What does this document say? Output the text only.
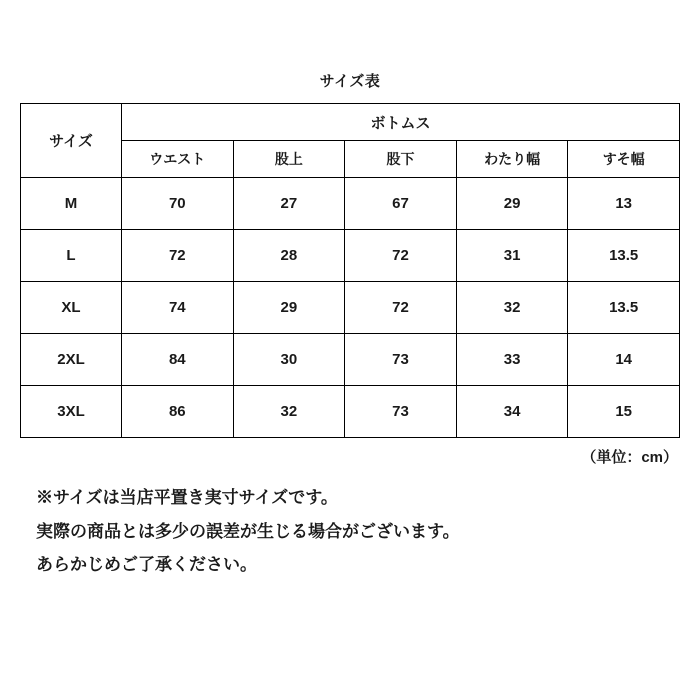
サイズ表
サイズ	ボトムス				
	ウエスト	股上	股下	わたり幅	すそ幅
M	70	27	67	29	13
L	72	28	72	31	13.5
XL	74	29	72	32	13.5
2XL	84	30	73	33	14
3XL	86	32	73	34	15
（単位：cm）

※サイズは当店平置き実寸サイズです。

実際の商品とは多少の誤差が生じる場合がございます。

あらかじめご了承ください。
